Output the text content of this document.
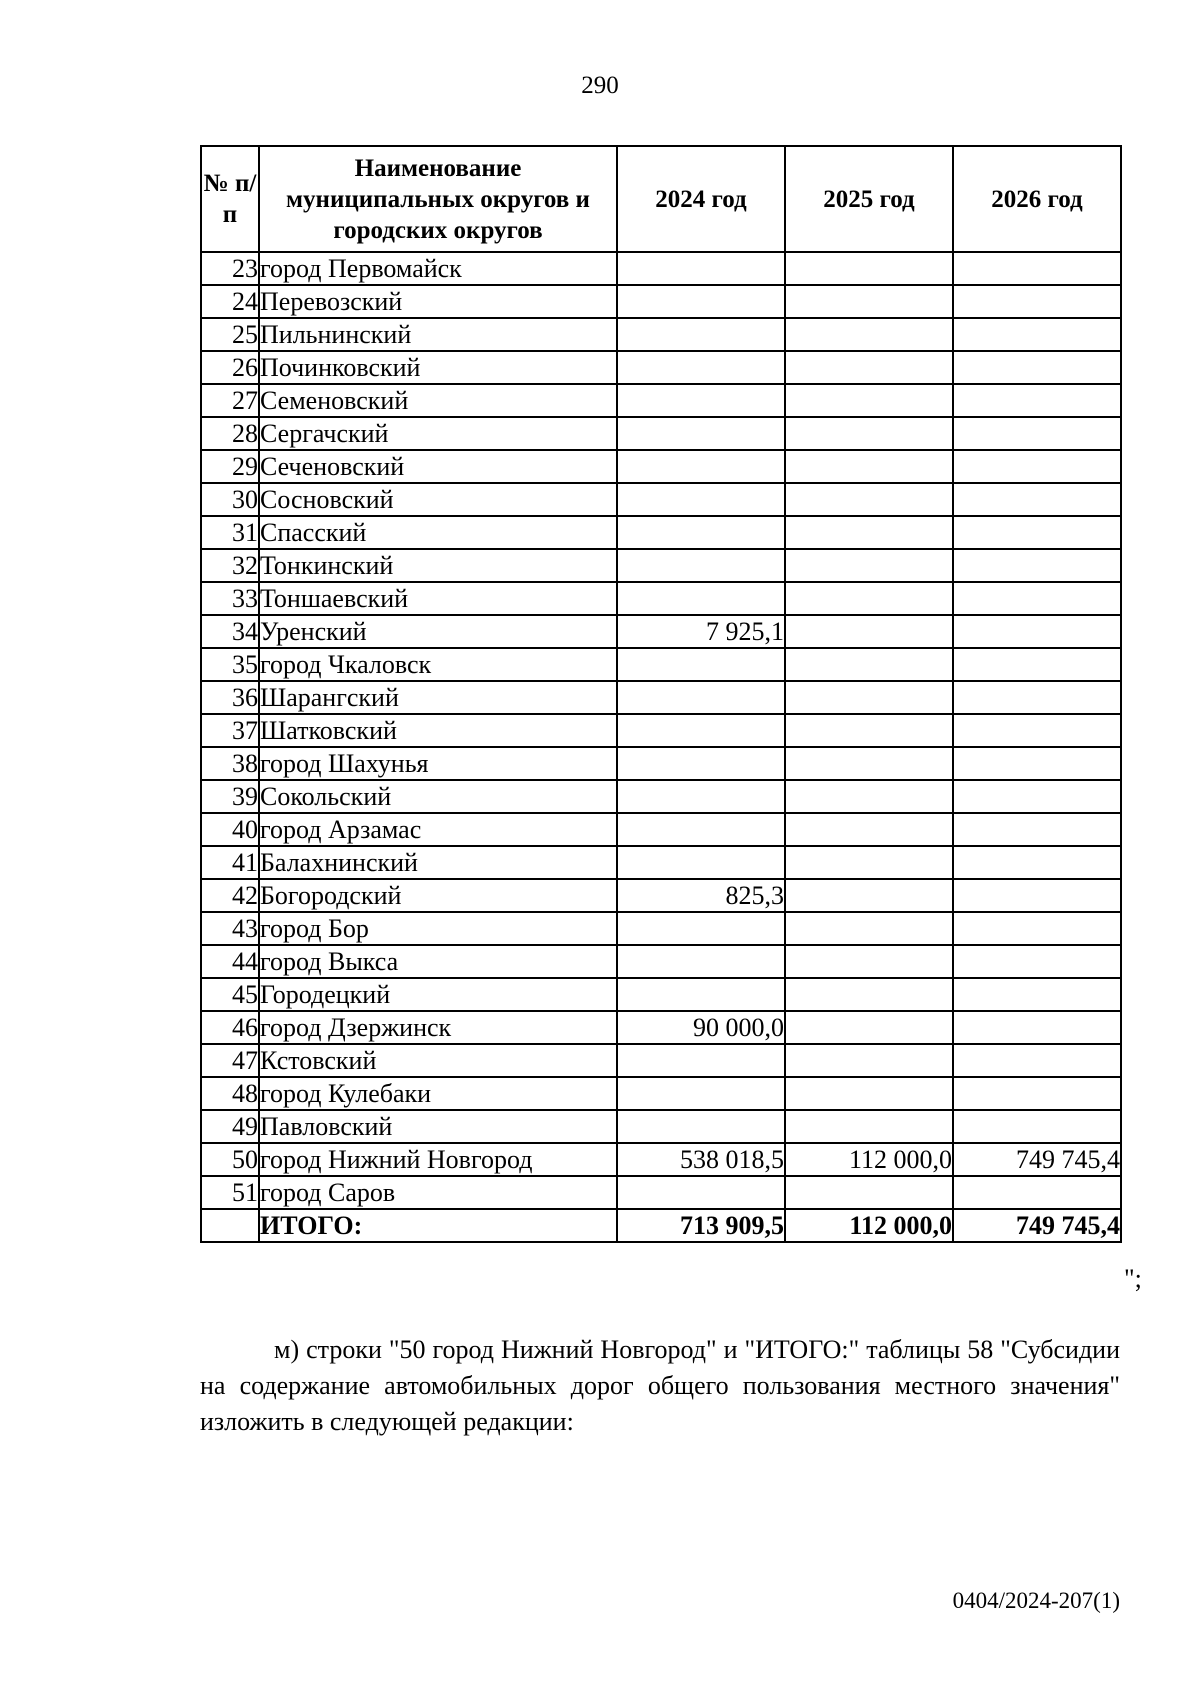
290
№ п/п	Наименование муниципальных округов и городских округов	2024 год	2025 год	2026 год
23	город Первомайск			
24	Перевозский			
25	Пильнинский			
26	Починковский			
27	Семеновский			
28	Сергачский			
29	Сеченовский			
30	Сосновский			
31	Спасский			
32	Тонкинский			
33	Тоншаевский			
34	Уренский	7 925,1		
35	город Чкаловск			
36	Шарангский			
37	Шатковский			
38	город Шахунья			
39	Сокольский			
40	город Арзамас			
41	Балахнинский			
42	Богородский	825,3		
43	город Бор			
44	город Выкса			
45	Городецкий			
46	город Дзержинск	90 000,0		
47	Кстовский			
48	город Кулебаки			
49	Павловский			
50	город Нижний Новгород	538 018,5	112 000,0	749 745,4
51	город Саров			
	ИТОГО:	713 909,5	112 000,0	749 745,4
";
м) строки "50 город Нижний Новгород" и "ИТОГО:" таблицы 58 "Субсидии на содержание автомобильных дорог общего пользования местного значения" изложить в следующей редакции:
0404/2024-207(1)
